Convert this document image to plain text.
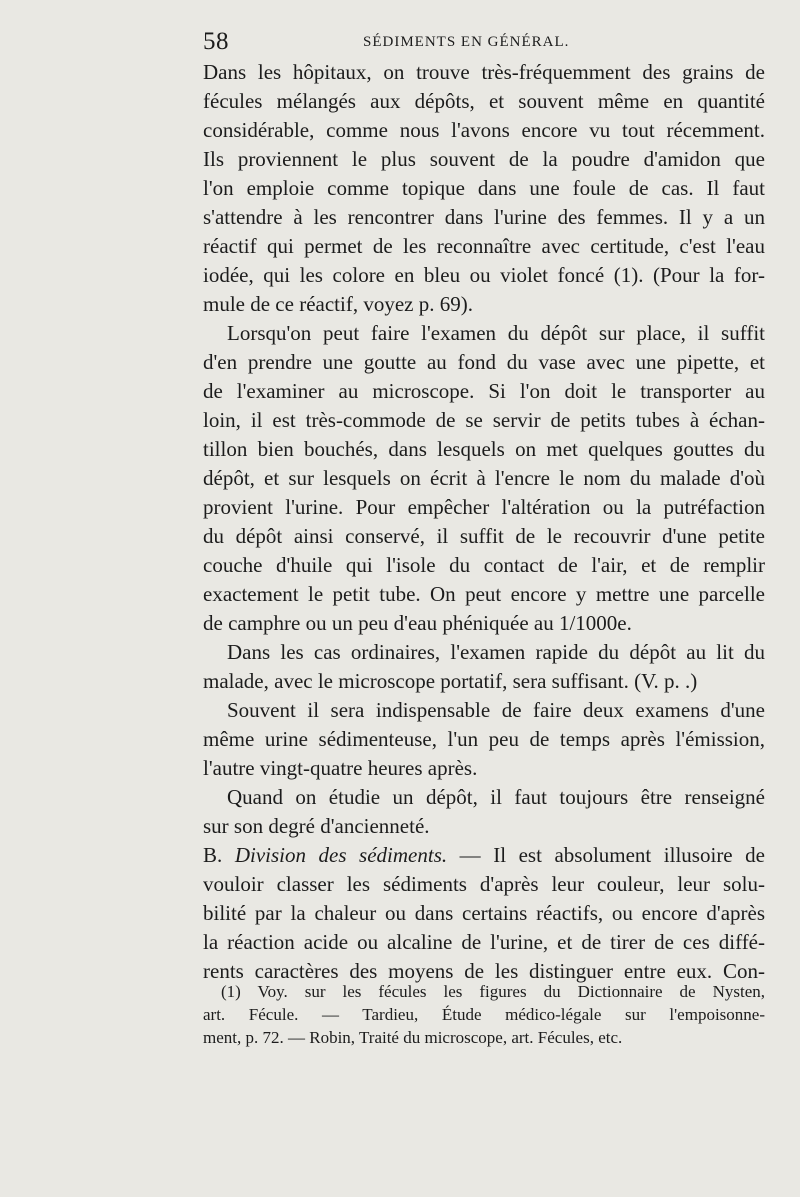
58	SÉDIMENTS EN GÉNÉRAL.
Dans les hôpitaux, on trouve très-fréquemment des grains de
fécules mélangés aux dépôts, et souvent même en quantité
considérable, comme nous l'avons encore vu tout récemment.
Ils proviennent le plus souvent de la poudre d'amidon que
l'on emploie comme topique dans une foule de cas. Il faut
s'attendre à les rencontrer dans l'urine des femmes. Il y a un
réactif qui permet de les reconnaître avec certitude, c'est l'eau
iodée, qui les colore en bleu ou violet foncé (1). (Pour la for-
mule de ce réactif, voyez p. 69).
Lorsqu'on peut faire l'examen du dépôt sur place, il suffit
d'en prendre une goutte au fond du vase avec une pipette, et
de l'examiner au microscope. Si l'on doit le transporter au
loin, il est très-commode de se servir de petits tubes à échan-
tillon bien bouchés, dans lesquels on met quelques gouttes du
dépôt, et sur lesquels on écrit à l'encre le nom du malade d'où
provient l'urine. Pour empêcher l'altération ou la putréfaction
du dépôt ainsi conservé, il suffit de le recouvrir d'une petite
couche d'huile qui l'isole du contact de l'air, et de remplir
exactement le petit tube. On peut encore y mettre une parcelle
de camphre ou un peu d'eau phéniquée au 1/1000e.
Dans les cas ordinaires, l'examen rapide du dépôt au lit du
malade, avec le microscope portatif, sera suffisant. (V. p. .)
Souvent il sera indispensable de faire deux examens d'une
même urine sédimenteuse, l'un peu de temps après l'émission,
l'autre vingt-quatre heures après.
Quand on étudie un dépôt, il faut toujours être renseigné
sur son degré d'ancienneté.
B. Division des sédiments. — Il est absolument illusoire de
vouloir classer les sédiments d'après leur couleur, leur solu-
bilité par la chaleur ou dans certains réactifs, ou encore d'après
la réaction acide ou alcaline de l'urine, et de tirer de ces diffé-
rents caractères des moyens de les distinguer entre eux. Con-
(1) Voy. sur les fécules les figures du Dictionnaire de Nysten,
art. Fécule. — Tardieu, Étude médico-légale sur l'empoisonne-
ment, p. 72. — Robin, Traité du microscope, art. Fécules, etc.
